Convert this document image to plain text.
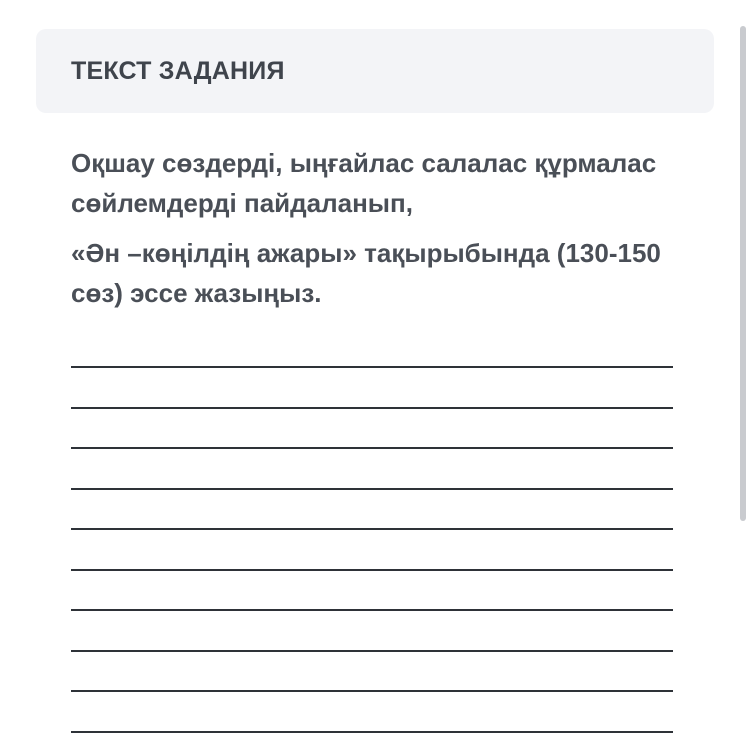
ТЕКСТ ЗАДАНИЯ

Оқшау сөздерді, ыңғайлас салалас құрмалас сөйлемдерді пайдаланып,

«Ән –көңілдің ажары» тақырыбында (130-150 сөз) эссе жазыңыз.
